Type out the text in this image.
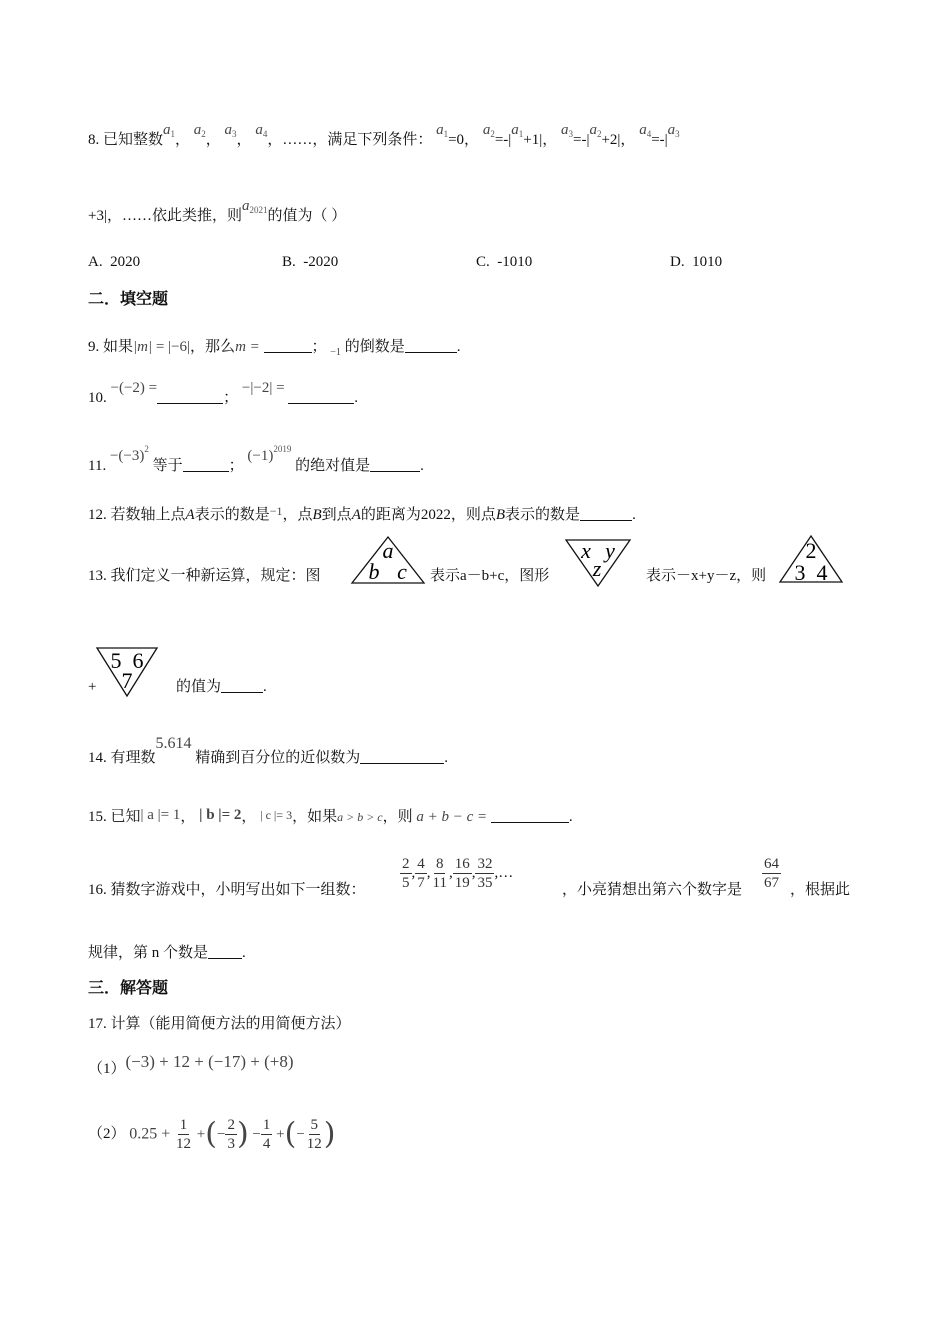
8. 已知整数$a_1$， $a_2$， $a_3$， $a_4$，……，满足下列条件： $a_1=0$， $a_2=-|a_1+1|$， $a_3=-|a_2+2|$， $a_4=-|a_3$
+3|，……依此类推，则$a_{2021}$的值为（ ）
A. 2020	B. -2020	C. -1010	D. 1010
二．填空题
9. 如果|m| = |−6|，那么m =	； $_{-1}$ 的倒数是	.
10. −(−2) =； −|−2| = .
11. $-(-3)^2$ 等于	； $(-1)^{2019}$ 的绝对值是	.
12. 若数轴上点A表示的数是$^{-1}$，点B到点A的距离为2022，则点B表示的数是	.
13. 我们定义一种新运算，规定：图
a
b c 表示a－b+c，图形
x y
z	表示－x+y－z，则
2
3 4
+
5 6
7	的值为	.
14. 有理数5.614 精确到百分位的近似数为	.
15. 已知| a |= 1， | b |= 2， | c |= 3，如果a > b > c，则 a + b − c =	.
16. 猜数字游戏中，小明写出如下一组数： $\frac{2}{5}$ , $\frac{4}{7}$ , $\frac{8}{11}$ , $\frac{16}{19}$ , $\frac{32}{35}$ ,…
，小亮猜想出第六个数字是 $\frac{64}{67}$ ，根据此
规律，第 n 个数是 .
三．解答题
17. 计算（能用简便方法的用简便方法）
（1）(−3) + 12 + (−17) + (+8)
（2） $0.25 + \frac{1}{12}$ +(− $\frac{2}{3}$ ) − $\frac{1}{4}$ +(− $\frac{5}{12}$ )
